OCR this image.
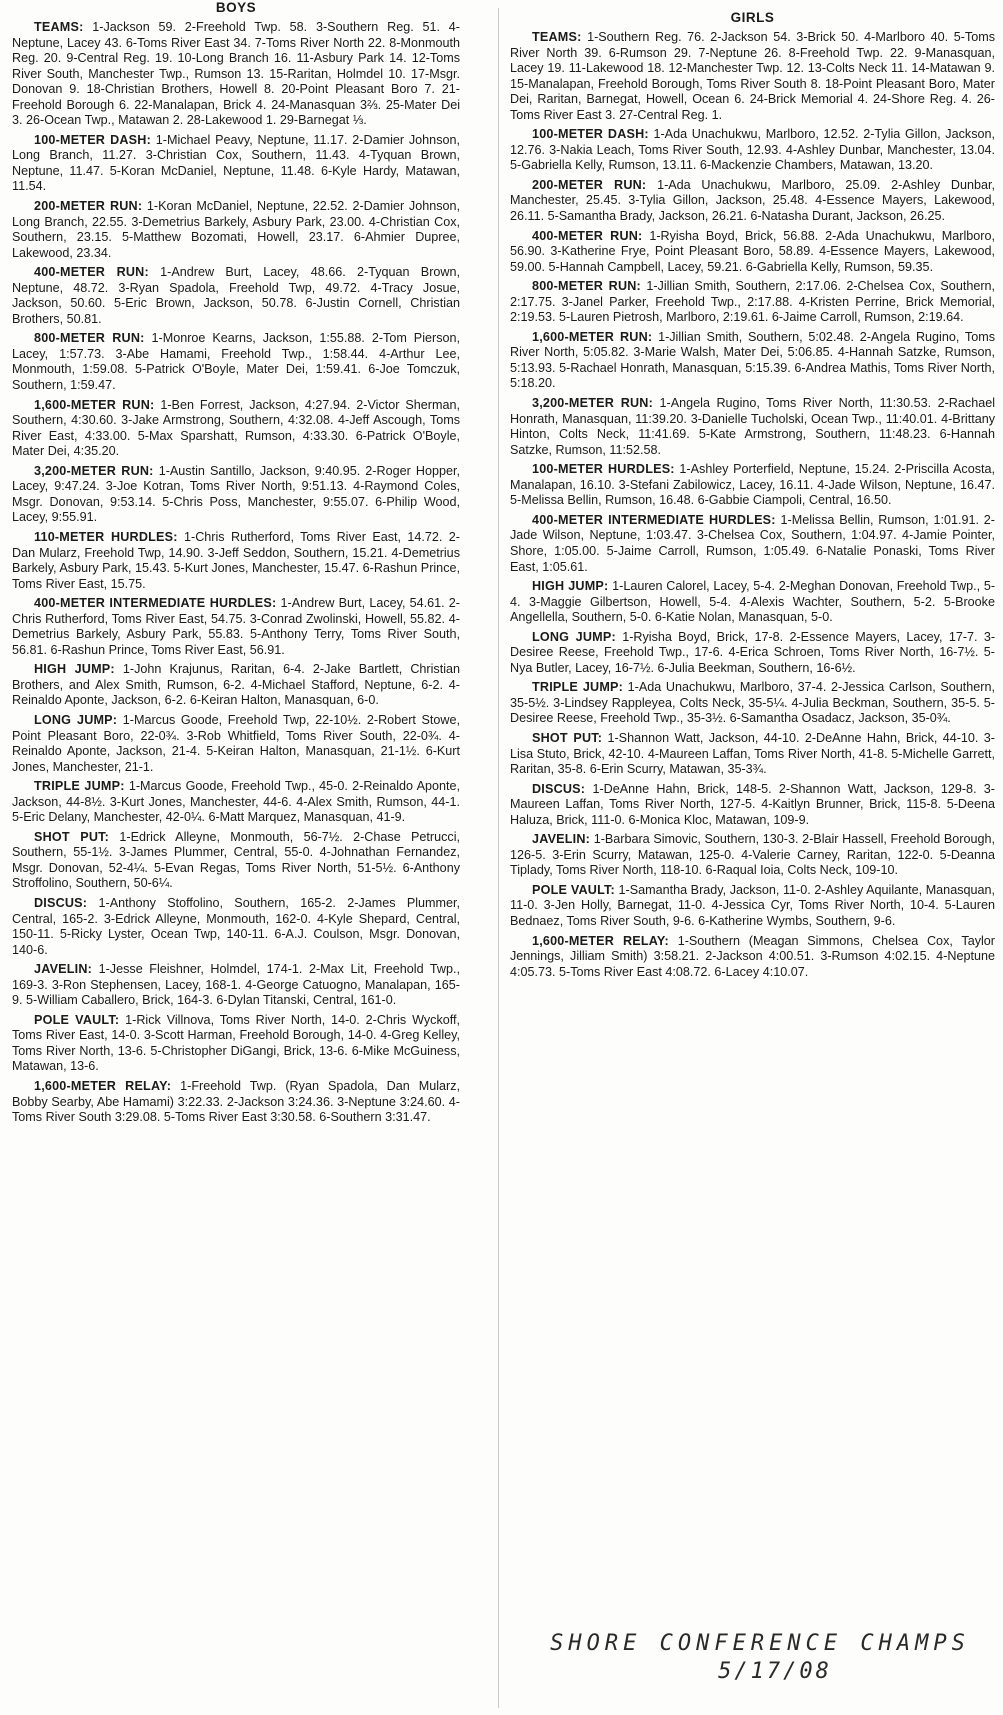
BOYS

TEAMS: 1-Jackson 59. 2-Freehold Twp. 58. 3-Southern Reg. 51. 4-Neptune, Lacey 43. 6-Toms River East 34. 7-Toms River North 22. 8-Monmouth Reg. 20. 9-Central Reg. 19. 10-Long Branch 16. 11-Asbury Park 14. 12-Toms River South, Manchester Twp., Rumson 13. 15-Raritan, Holmdel 10. 17-Msgr. Donovan 9. 18-Christian Brothers, Howell 8. 20-Point Pleasant Boro 7. 21-Freehold Borough 6. 22-Manalapan, Brick 4. 24-Manasquan 3⅔. 25-Mater Dei 3. 26-Ocean Twp., Matawan 2. 28-Lakewood 1. 29-Barnegat ⅓.

100-METER DASH: 1-Michael Peavy, Neptune, 11.17. 2-Damier Johnson, Long Branch, 11.27. 3-Christian Cox, Southern, 11.43. 4-Tyquan Brown, Neptune, 11.47. 5-Koran McDaniel, Neptune, 11.48. 6-Kyle Hardy, Matawan, 11.54.

200-METER RUN: 1-Koran McDaniel, Neptune, 22.52. 2-Damier Johnson, Long Branch, 22.55. 3-Demetrius Barkely, Asbury Park, 23.00. 4-Christian Cox, Southern, 23.15. 5-Matthew Bozomati, Howell, 23.17. 6-Ahmier Dupree, Lakewood, 23.34.

400-METER RUN: 1-Andrew Burt, Lacey, 48.66. 2-Tyquan Brown, Neptune, 48.72. 3-Ryan Spadola, Freehold Twp, 49.72. 4-Tracy Josue, Jackson, 50.60. 5-Eric Brown, Jackson, 50.78. 6-Justin Cornell, Christian Brothers, 50.81.

800-METER RUN: 1-Monroe Kearns, Jackson, 1:55.88. 2-Tom Pierson, Lacey, 1:57.73. 3-Abe Hamami, Freehold Twp., 1:58.44. 4-Arthur Lee, Monmouth, 1:59.08. 5-Patrick O'Boyle, Mater Dei, 1:59.41. 6-Joe Tomczuk, Southern, 1:59.47.

1,600-METER RUN: 1-Ben Forrest, Jackson, 4:27.94. 2-Victor Sherman, Southern, 4:30.60. 3-Jake Armstrong, Southern, 4:32.08. 4-Jeff Ascough, Toms River East, 4:33.00. 5-Max Sparshatt, Rumson, 4:33.30. 6-Patrick O'Boyle, Mater Dei, 4:35.20.

3,200-METER RUN: 1-Austin Santillo, Jackson, 9:40.95. 2-Roger Hopper, Lacey, 9:47.24. 3-Joe Kotran, Toms River North, 9:51.13. 4-Raymond Coles, Msgr. Donovan, 9:53.14. 5-Chris Poss, Manchester, 9:55.07. 6-Philip Wood, Lacey, 9:55.91.

110-METER HURDLES: 1-Chris Rutherford, Toms River East, 14.72. 2-Dan Mularz, Freehold Twp, 14.90. 3-Jeff Seddon, Southern, 15.21. 4-Demetrius Barkely, Asbury Park, 15.43. 5-Kurt Jones, Manchester, 15.47. 6-Rashun Prince, Toms River East, 15.75.

400-METER INTERMEDIATE HURDLES: 1-Andrew Burt, Lacey, 54.61. 2-Chris Rutherford, Toms River East, 54.75. 3-Conrad Zwolinski, Howell, 55.82. 4-Demetrius Barkely, Asbury Park, 55.83. 5-Anthony Terry, Toms River South, 56.81. 6-Rashun Prince, Toms River East, 56.91.

HIGH JUMP: 1-John Krajunus, Raritan, 6-4. 2-Jake Bartlett, Christian Brothers, and Alex Smith, Rumson, 6-2. 4-Michael Stafford, Neptune, 6-2. 4-Reinaldo Aponte, Jackson, 6-2. 6-Keiran Halton, Manasquan, 6-0.

LONG JUMP: 1-Marcus Goode, Freehold Twp, 22-10½. 2-Robert Stowe, Point Pleasant Boro, 22-0¾. 3-Rob Whitfield, Toms River South, 22-0¾. 4-Reinaldo Aponte, Jackson, 21-4. 5-Keiran Halton, Manasquan, 21-1½. 6-Kurt Jones, Manchester, 21-1.

TRIPLE JUMP: 1-Marcus Goode, Freehold Twp., 45-0. 2-Reinaldo Aponte, Jackson, 44-8½. 3-Kurt Jones, Manchester, 44-6. 4-Alex Smith, Rumson, 44-1. 5-Eric Delany, Manchester, 42-0¼. 6-Matt Marquez, Manasquan, 41-9.

SHOT PUT: 1-Edrick Alleyne, Monmouth, 56-7½. 2-Chase Petrucci, Southern, 55-1½. 3-James Plummer, Central, 55-0. 4-Johnathan Fernandez, Msgr. Donovan, 52-4¼. 5-Evan Regas, Toms River North, 51-5½. 6-Anthony Stroffolino, Southern, 50-6¼.

DISCUS: 1-Anthony Stoffolino, Southern, 165-2. 2-James Plummer, Central, 165-2. 3-Edrick Alleyne, Monmouth, 162-0. 4-Kyle Shepard, Central, 150-11. 5-Ricky Lyster, Ocean Twp, 140-11. 6-A.J. Coulson, Msgr. Donovan, 140-6.

JAVELIN: 1-Jesse Fleishner, Holmdel, 174-1. 2-Max Lit, Freehold Twp., 169-3. 3-Ron Stephensen, Lacey, 168-1. 4-George Catuogno, Manalapan, 165-9. 5-William Caballero, Brick, 164-3. 6-Dylan Titanski, Central, 161-0.

POLE VAULT: 1-Rick Villnova, Toms River North, 14-0. 2-Chris Wyckoff, Toms River East, 14-0. 3-Scott Harman, Freehold Borough, 14-0. 4-Greg Kelley, Toms River North, 13-6. 5-Christopher DiGangi, Brick, 13-6. 6-Mike McGuiness, Matawan, 13-6.

1,600-METER RELAY: 1-Freehold Twp. (Ryan Spadola, Dan Mularz, Bobby Searby, Abe Hamami) 3:22.33. 2-Jackson 3:24.36. 3-Neptune 3:24.60. 4-Toms River South 3:29.08. 5-Toms River East 3:30.58. 6-Southern 3:31.47.

GIRLS

TEAMS: 1-Southern Reg. 76. 2-Jackson 54. 3-Brick 50. 4-Marlboro 40. 5-Toms River North 39. 6-Rumson 29. 7-Neptune 26. 8-Freehold Twp. 22. 9-Manasquan, Lacey 19. 11-Lakewood 18. 12-Manchester Twp. 12. 13-Colts Neck 11. 14-Matawan 9. 15-Manalapan, Freehold Borough, Toms River South 8. 18-Point Pleasant Boro, Mater Dei, Raritan, Barnegat, Howell, Ocean 6. 24-Brick Memorial 4. 24-Shore Reg. 4. 26-Toms River East 3. 27-Central Reg. 1.

100-METER DASH: 1-Ada Unachukwu, Marlboro, 12.52. 2-Tylia Gillon, Jackson, 12.76. 3-Nakia Leach, Toms River South, 12.93. 4-Ashley Dunbar, Manchester, 13.04. 5-Gabriella Kelly, Rumson, 13.11. 6-Mackenzie Chambers, Matawan, 13.20.

200-METER RUN: 1-Ada Unachukwu, Marlboro, 25.09. 2-Ashley Dunbar, Manchester, 25.45. 3-Tylia Gillon, Jackson, 25.48. 4-Essence Mayers, Lakewood, 26.11. 5-Samantha Brady, Jackson, 26.21. 6-Natasha Durant, Jackson, 26.25.

400-METER RUN: 1-Ryisha Boyd, Brick, 56.88. 2-Ada Unachukwu, Marlboro, 56.90. 3-Katherine Frye, Point Pleasant Boro, 58.89. 4-Essence Mayers, Lakewood, 59.00. 5-Hannah Campbell, Lacey, 59.21. 6-Gabriella Kelly, Rumson, 59.35.

800-METER RUN: 1-Jillian Smith, Southern, 2:17.06. 2-Chelsea Cox, Southern, 2:17.75. 3-Janel Parker, Freehold Twp., 2:17.88. 4-Kristen Perrine, Brick Memorial, 2:19.53. 5-Lauren Pietrosh, Marlboro, 2:19.61. 6-Jaime Carroll, Rumson, 2:19.64.

1,600-METER RUN: 1-Jillian Smith, Southern, 5:02.48. 2-Angela Rugino, Toms River North, 5:05.82. 3-Marie Walsh, Mater Dei, 5:06.85. 4-Hannah Satzke, Rumson, 5:13.93. 5-Rachael Honrath, Manasquan, 5:15.39. 6-Andrea Mathis, Toms River North, 5:18.20.

3,200-METER RUN: 1-Angela Rugino, Toms River North, 11:30.53. 2-Rachael Honrath, Manasquan, 11:39.20. 3-Danielle Tucholski, Ocean Twp., 11:40.01. 4-Brittany Hinton, Colts Neck, 11:41.69. 5-Kate Armstrong, Southern, 11:48.23. 6-Hannah Satzke, Rumson, 11:52.58.

100-METER HURDLES: 1-Ashley Porterfield, Neptune, 15.24. 2-Priscilla Acosta, Manalapan, 16.10. 3-Stefani Zabilowicz, Lacey, 16.11. 4-Jade Wilson, Neptune, 16.47. 5-Melissa Bellin, Rumson, 16.48. 6-Gabbie Ciampoli, Central, 16.50.

400-METER INTERMEDIATE HURDLES: 1-Melissa Bellin, Rumson, 1:01.91. 2-Jade Wilson, Neptune, 1:03.47. 3-Chelsea Cox, Southern, 1:04.97. 4-Jamie Pointer, Shore, 1:05.00. 5-Jaime Carroll, Rumson, 1:05.49. 6-Natalie Ponaski, Toms River East, 1:05.61.

HIGH JUMP: 1-Lauren Calorel, Lacey, 5-4. 2-Meghan Donovan, Freehold Twp., 5-4. 3-Maggie Gilbertson, Howell, 5-4. 4-Alexis Wachter, Southern, 5-2. 5-Brooke Angellella, Southern, 5-0. 6-Katie Nolan, Manasquan, 5-0.

LONG JUMP: 1-Ryisha Boyd, Brick, 17-8. 2-Essence Mayers, Lacey, 17-7. 3-Desiree Reese, Freehold Twp., 17-6. 4-Erica Schroen, Toms River North, 16-7½. 5-Nya Butler, Lacey, 16-7½. 6-Julia Beekman, Southern, 16-6½.

TRIPLE JUMP: 1-Ada Unachukwu, Marlboro, 37-4. 2-Jessica Carlson, Southern, 35-5½. 3-Lindsey Rappleyea, Colts Neck, 35-5¼. 4-Julia Beckman, Southern, 35-5. 5-Desiree Reese, Freehold Twp., 35-3½. 6-Samantha Osadacz, Jackson, 35-0¾.

SHOT PUT: 1-Shannon Watt, Jackson, 44-10. 2-DeAnne Hahn, Brick, 44-10. 3-Lisa Stuto, Brick, 42-10. 4-Maureen Laffan, Toms River North, 41-8. 5-Michelle Garrett, Raritan, 35-8. 6-Erin Scurry, Matawan, 35-3¾.

DISCUS: 1-DeAnne Hahn, Brick, 148-5. 2-Shannon Watt, Jackson, 129-8. 3-Maureen Laffan, Toms River North, 127-5. 4-Kaitlyn Brunner, Brick, 115-8. 5-Deena Haluza, Brick, 111-0. 6-Monica Kloc, Matawan, 109-9.

JAVELIN: 1-Barbara Simovic, Southern, 130-3. 2-Blair Hassell, Freehold Borough, 126-5. 3-Erin Scurry, Matawan, 125-0. 4-Valerie Carney, Raritan, 122-0. 5-Deanna Tiplady, Toms River North, 118-10. 6-Raqual Ioia, Colts Neck, 109-10.

POLE VAULT: 1-Samantha Brady, Jackson, 11-0. 2-Ashley Aquilante, Manasquan, 11-0. 3-Jen Holly, Barnegat, 11-0. 4-Jessica Cyr, Toms River North, 10-4. 5-Lauren Bednaez, Toms River South, 9-6. 6-Katherine Wymbs, Southern, 9-6.

1,600-METER RELAY: 1-Southern (Meagan Simmons, Chelsea Cox, Taylor Jennings, Jilliam Smith) 3:58.21. 2-Jackson 4:00.51. 3-Rumson 4:02.15. 4-Neptune 4:05.73. 5-Toms River East 4:08.72. 6-Lacey 4:10.07.

SHORE CONFERENCE CHAMPS
5/17/08
